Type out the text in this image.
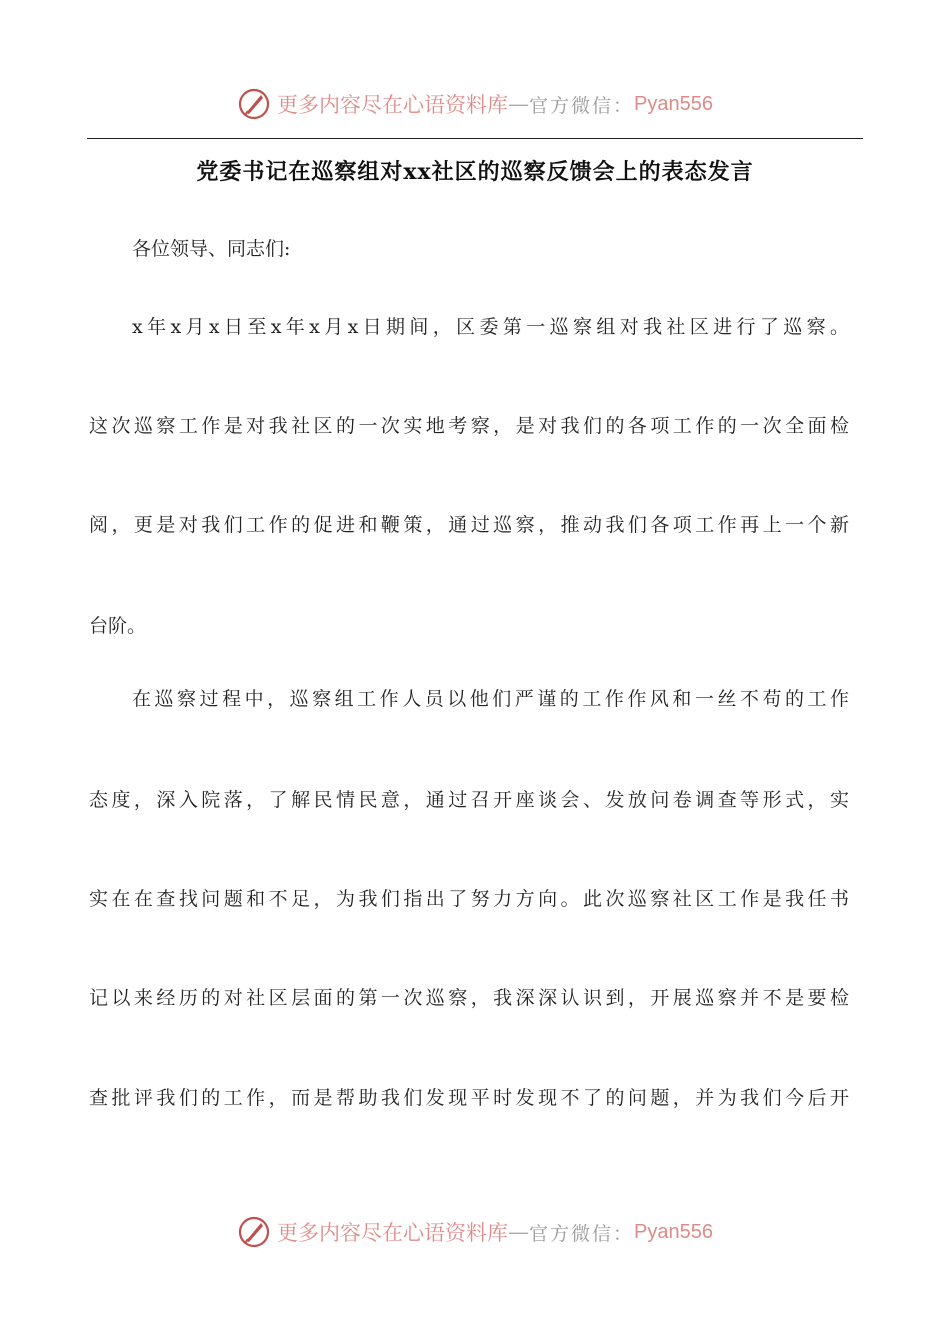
更多内容尽在心语资料库 — 官方微信： Pyan556
党委书记在巡察组对xx社区的巡察反馈会上的表态发言
各位领导、同志们:
x年x月x日至x年x月x日期间，区委第一巡察组对我社区进行了巡察。
这次巡察工作是对我社区的一次实地考察，是对我们的各项工作的一次全面检
阅，更是对我们工作的促进和鞭策，通过巡察，推动我们各项工作再上一个新
台阶。
在巡察过程中，巡察组工作人员以他们严谨的工作作风和一丝不苟的工作
态度，深入院落，了解民情民意，通过召开座谈会、发放问卷调查等形式，实
实在在查找问题和不足，为我们指出了努力方向。此次巡察社区工作是我任书
记以来经历的对社区层面的第一次巡察，我深深认识到，开展巡察并不是要检
查批评我们的工作，而是帮助我们发现平时发现不了的问题，并为我们今后开
更多内容尽在心语资料库 — 官方微信： Pyan556
